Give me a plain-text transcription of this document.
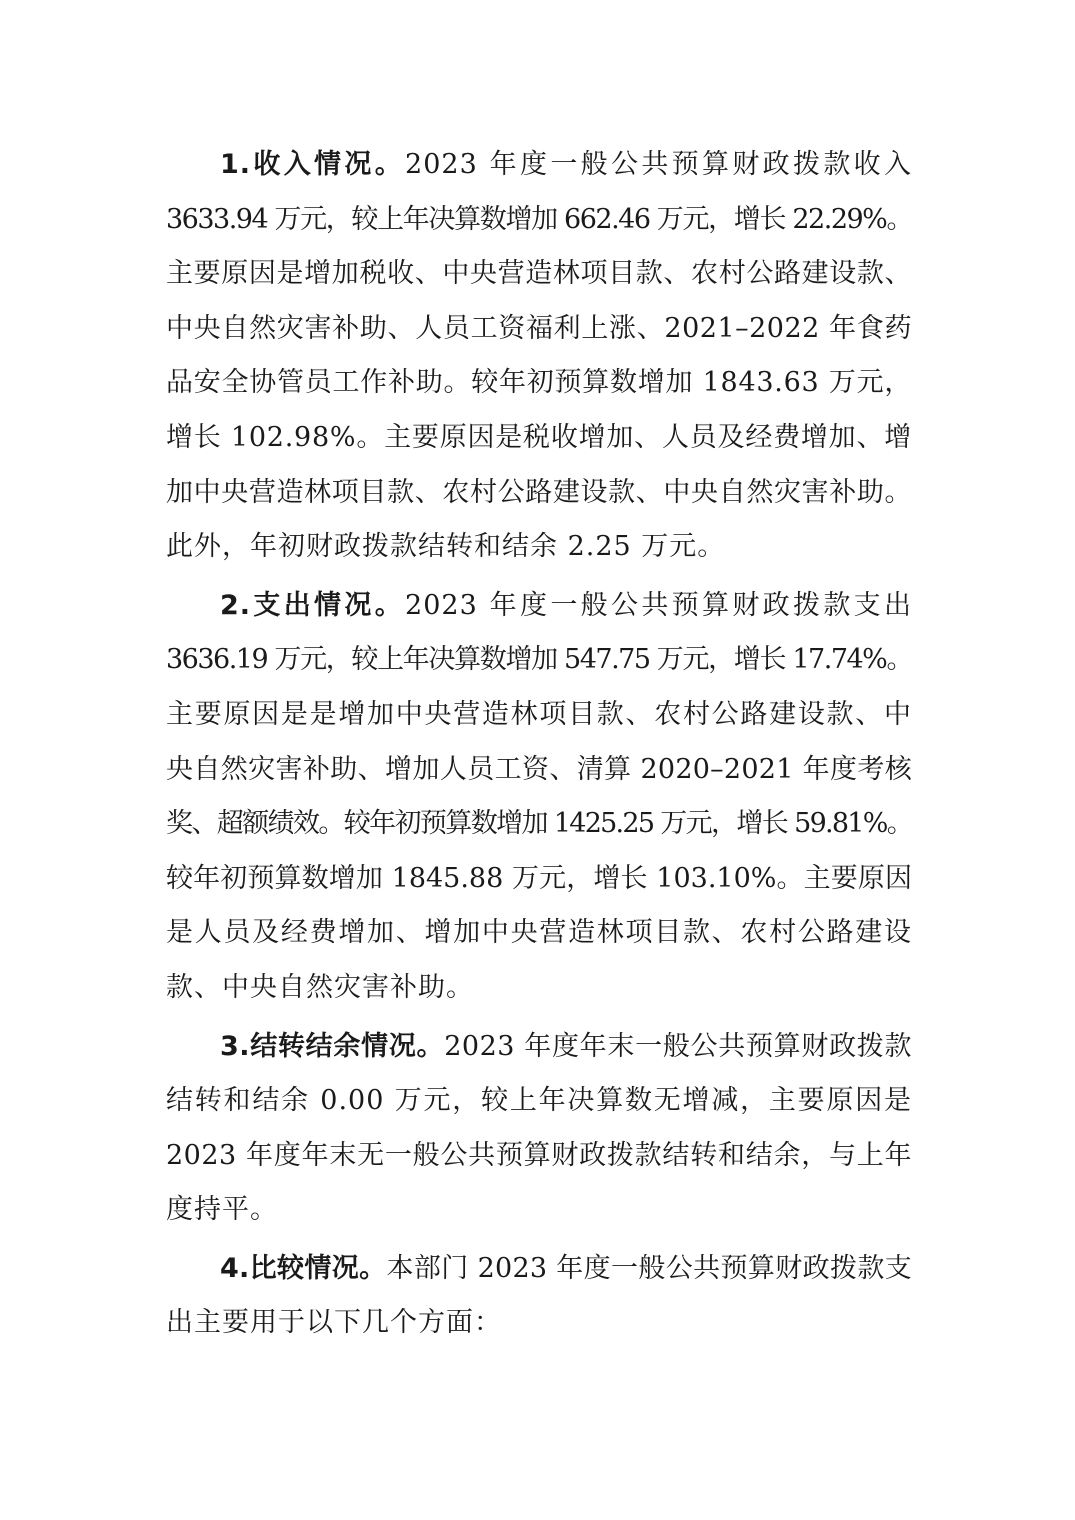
1.收入情况。2023 年度一般公共预算财政拨款收入
3633.94 万元，较上年决算数增加 662.46 万元，增长 22.29%。
主要原因是增加税收、中央营造林项目款、农村公路建设款、
中央自然灾害补助、人员工资福利上涨、2021–2022 年食药
品安全协管员工作补助。较年初预算数增加 1843.63 万元，
增长 102.98%。主要原因是税收增加、人员及经费增加、增
加中央营造林项目款、农村公路建设款、中央自然灾害补助。
此外，年初财政拨款结转和结余 2.25 万元。

2.支出情况。2023 年度一般公共预算财政拨款支出
3636.19 万元，较上年决算数增加 547.75 万元，增长 17.74%。
主要原因是是增加中央营造林项目款、农村公路建设款、中
央自然灾害补助、增加人员工资、清算 2020–2021 年度考核
奖、超额绩效。较年初预算数增加 1425.25 万元，增长 59.81%。
较年初预算数增加 1845.88 万元，增长 103.10%。主要原因
是人员及经费增加、增加中央营造林项目款、农村公路建设
款、中央自然灾害补助。

3.结转结余情况。2023 年度年末一般公共预算财政拨款
结转和结余 0.00 万元，较上年决算数无增减，主要原因是
2023 年度年末无一般公共预算财政拨款结转和结余，与上年
度持平。

4.比较情况。本部门 2023 年度一般公共预算财政拨款支
出主要用于以下几个方面：
